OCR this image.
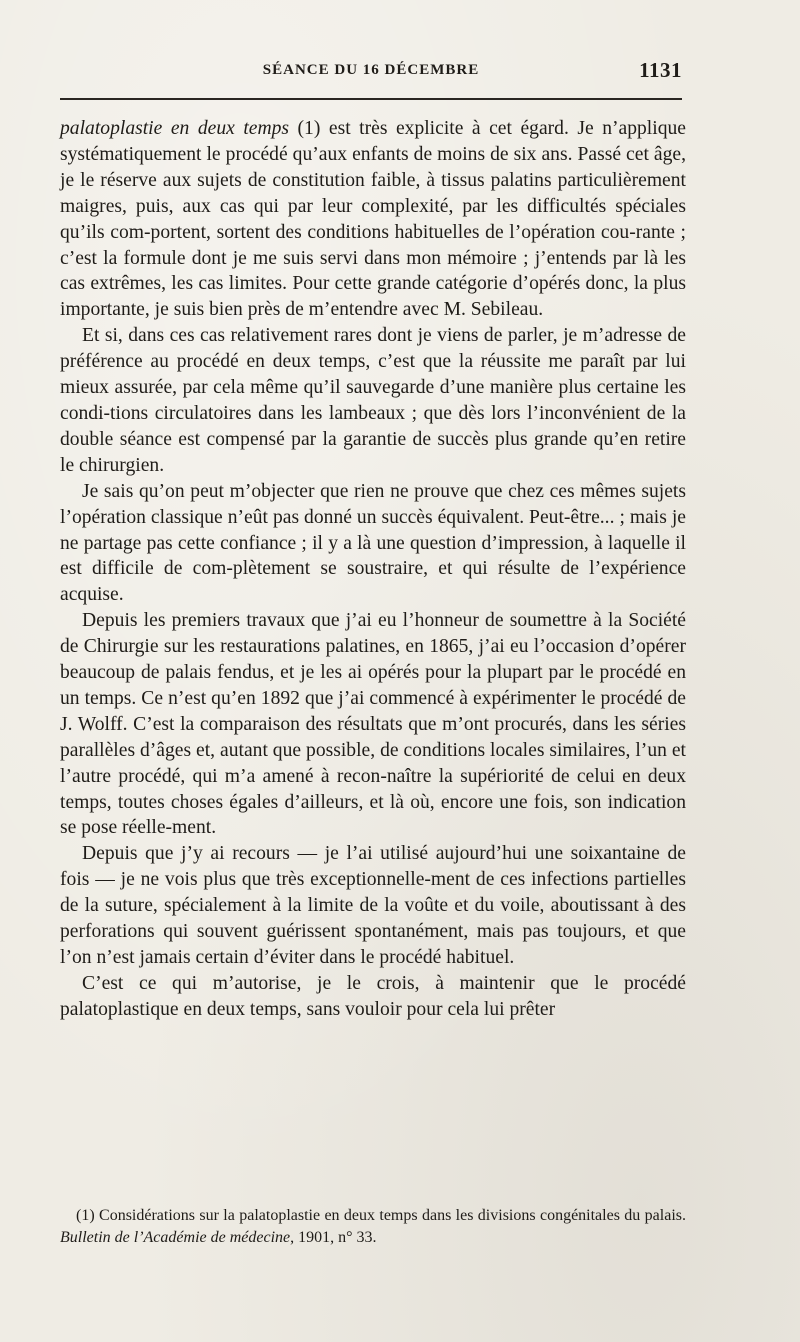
SÉANCE DU 16 DÉCEMBRE	1131

palatoplastie en deux temps (1) est très explicite à cet égard. Je n’applique systématiquement le procédé qu’aux enfants de moins de six ans. Passé cet âge, je le réserve aux sujets de constitution faible, à tissus palatins particulièrement maigres, puis, aux cas qui par leur complexité, par les difficultés spéciales qu’ils com-portent, sortent des conditions habituelles de l’opération cou-rante ; c’est la formule dont je me suis servi dans mon mémoire ; j’entends par là les cas extrêmes, les cas limites. Pour cette grande catégorie d’opérés donc, la plus importante, je suis bien près de m’entendre avec M. Sebileau.

Et si, dans ces cas relativement rares dont je viens de parler, je m’adresse de préférence au procédé en deux temps, c’est que la réussite me paraît par lui mieux assurée, par cela même qu’il sauvegarde d’une manière plus certaine les condi-tions circulatoires dans les lambeaux ; que dès lors l’inconvénient de la double séance est compensé par la garantie de succès plus grande qu’en retire le chirurgien.

Je sais qu’on peut m’objecter que rien ne prouve que chez ces mêmes sujets l’opération classique n’eût pas donné un succès équivalent. Peut-être... ; mais je ne partage pas cette confiance ; il y a là une question d’impression, à laquelle il est difficile de com-plètement se soustraire, et qui résulte de l’expérience acquise.

Depuis les premiers travaux que j’ai eu l’honneur de soumettre à la Société de Chirurgie sur les restaurations palatines, en 1865, j’ai eu l’occasion d’opérer beaucoup de palais fendus, et je les ai opérés pour la plupart par le procédé en un temps. Ce n’est qu’en 1892 que j’ai commencé à expérimenter le procédé de J. Wolff. C’est la comparaison des résultats que m’ont procurés, dans les séries parallèles d’âges et, autant que possible, de conditions locales similaires, l’un et l’autre procédé, qui m’a amené à recon-naître la supériorité de celui en deux temps, toutes choses égales d’ailleurs, et là où, encore une fois, son indication se pose réelle-ment.

Depuis que j’y ai recours — je l’ai utilisé aujourd’hui une soixantaine de fois — je ne vois plus que très exceptionnelle-ment de ces infections partielles de la suture, spécialement à la limite de la voûte et du voile, aboutissant à des perforations qui souvent guérissent spontanément, mais pas toujours, et que l’on n’est jamais certain d’éviter dans le procédé habituel.

C’est ce qui m’autorise, je le crois, à maintenir que le procédé palatoplastique en deux temps, sans vouloir pour cela lui prêter

(1) Considérations sur la palatoplastie en deux temps dans les divisions congénitales du palais. Bulletin de l’Académie de médecine, 1901, n° 33.
